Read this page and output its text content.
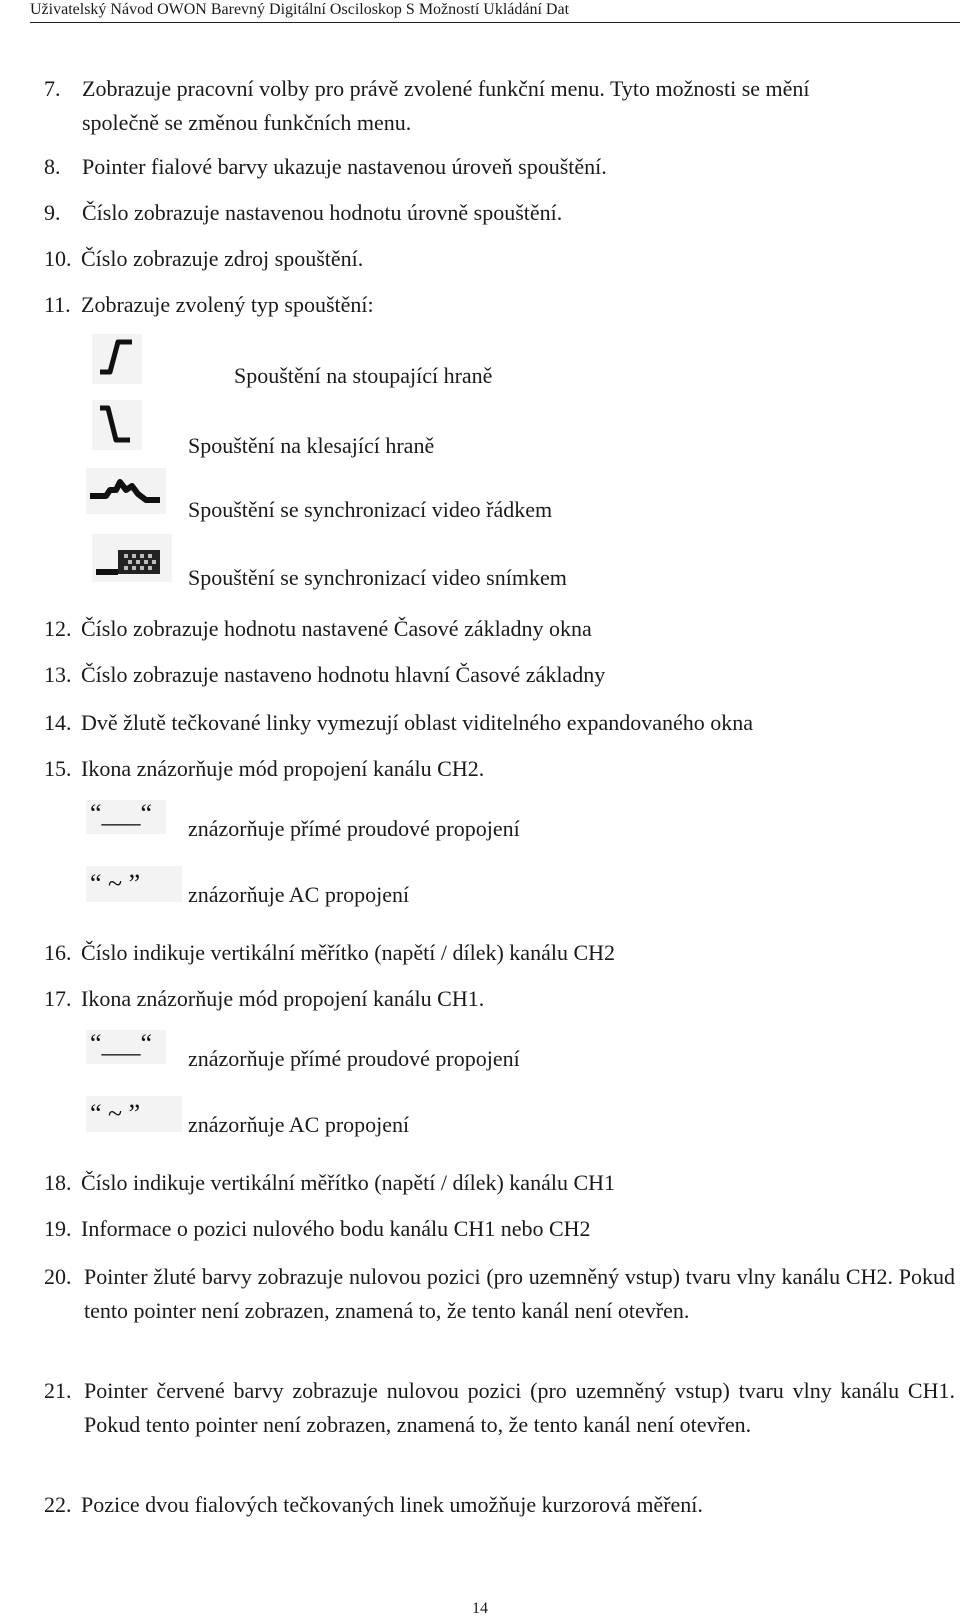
Uživatelský Návod OWON Barevný Digitální Osciloskop S Možností Ukládání Dat
7. Zobrazuje pracovní volby pro právě zvolené funkční menu. Tyto možnosti se mění
společně se změnou funkčních menu.
8. Pointer fialové barvy ukazuje nastavenou úroveň spouštění.
9. Číslo zobrazuje nastavenou hodnotu úrovně spouštění.
10. Číslo zobrazuje zdroj spouštění.
11. Zobrazuje zvolený typ spouštění:
Spouštění na stoupající hraně
Spouštění na klesající hraně
Spouštění se synchronizací video řádkem
Spouštění se synchronizací video snímkem
12. Číslo zobrazuje hodnotu nastavené Časové základny okna
13. Číslo zobrazuje nastaveno hodnotu hlavní Časové základny
14. Dvě žlutě tečkované linky vymezují oblast viditelného expandovaného okna
15. Ikona znázorňuje mód propojení kanálu CH2.
“___“
znázorňuje přímé proudové propojení
“ ~ ” znázorňuje AC propojení
16. Číslo indikuje vertikální měřítko (napětí / dílek) kanálu CH2
17. Ikona znázorňuje mód propojení kanálu CH1.
“___“
znázorňuje přímé proudové propojení
“ ~ ” znázorňuje AC propojení
18. Číslo indikuje vertikální měřítko (napětí / dílek) kanálu CH1
19. Informace o pozici nulového bodu kanálu CH1 nebo CH2
20. Pointer žluté barvy zobrazuje nulovou pozici (pro uzemněný vstup) tvaru vlny kanálu CH2. Pokud tento pointer není zobrazen, znamená to, že tento kanál není otevřen.
21. Pointer červené barvy zobrazuje nulovou pozici (pro uzemněný vstup) tvaru vlny kanálu CH1. Pokud tento pointer není zobrazen, znamená to, že tento kanál není otevřen.
22. Pozice dvou fialových tečkovaných linek umožňuje kurzorová měření.
14
